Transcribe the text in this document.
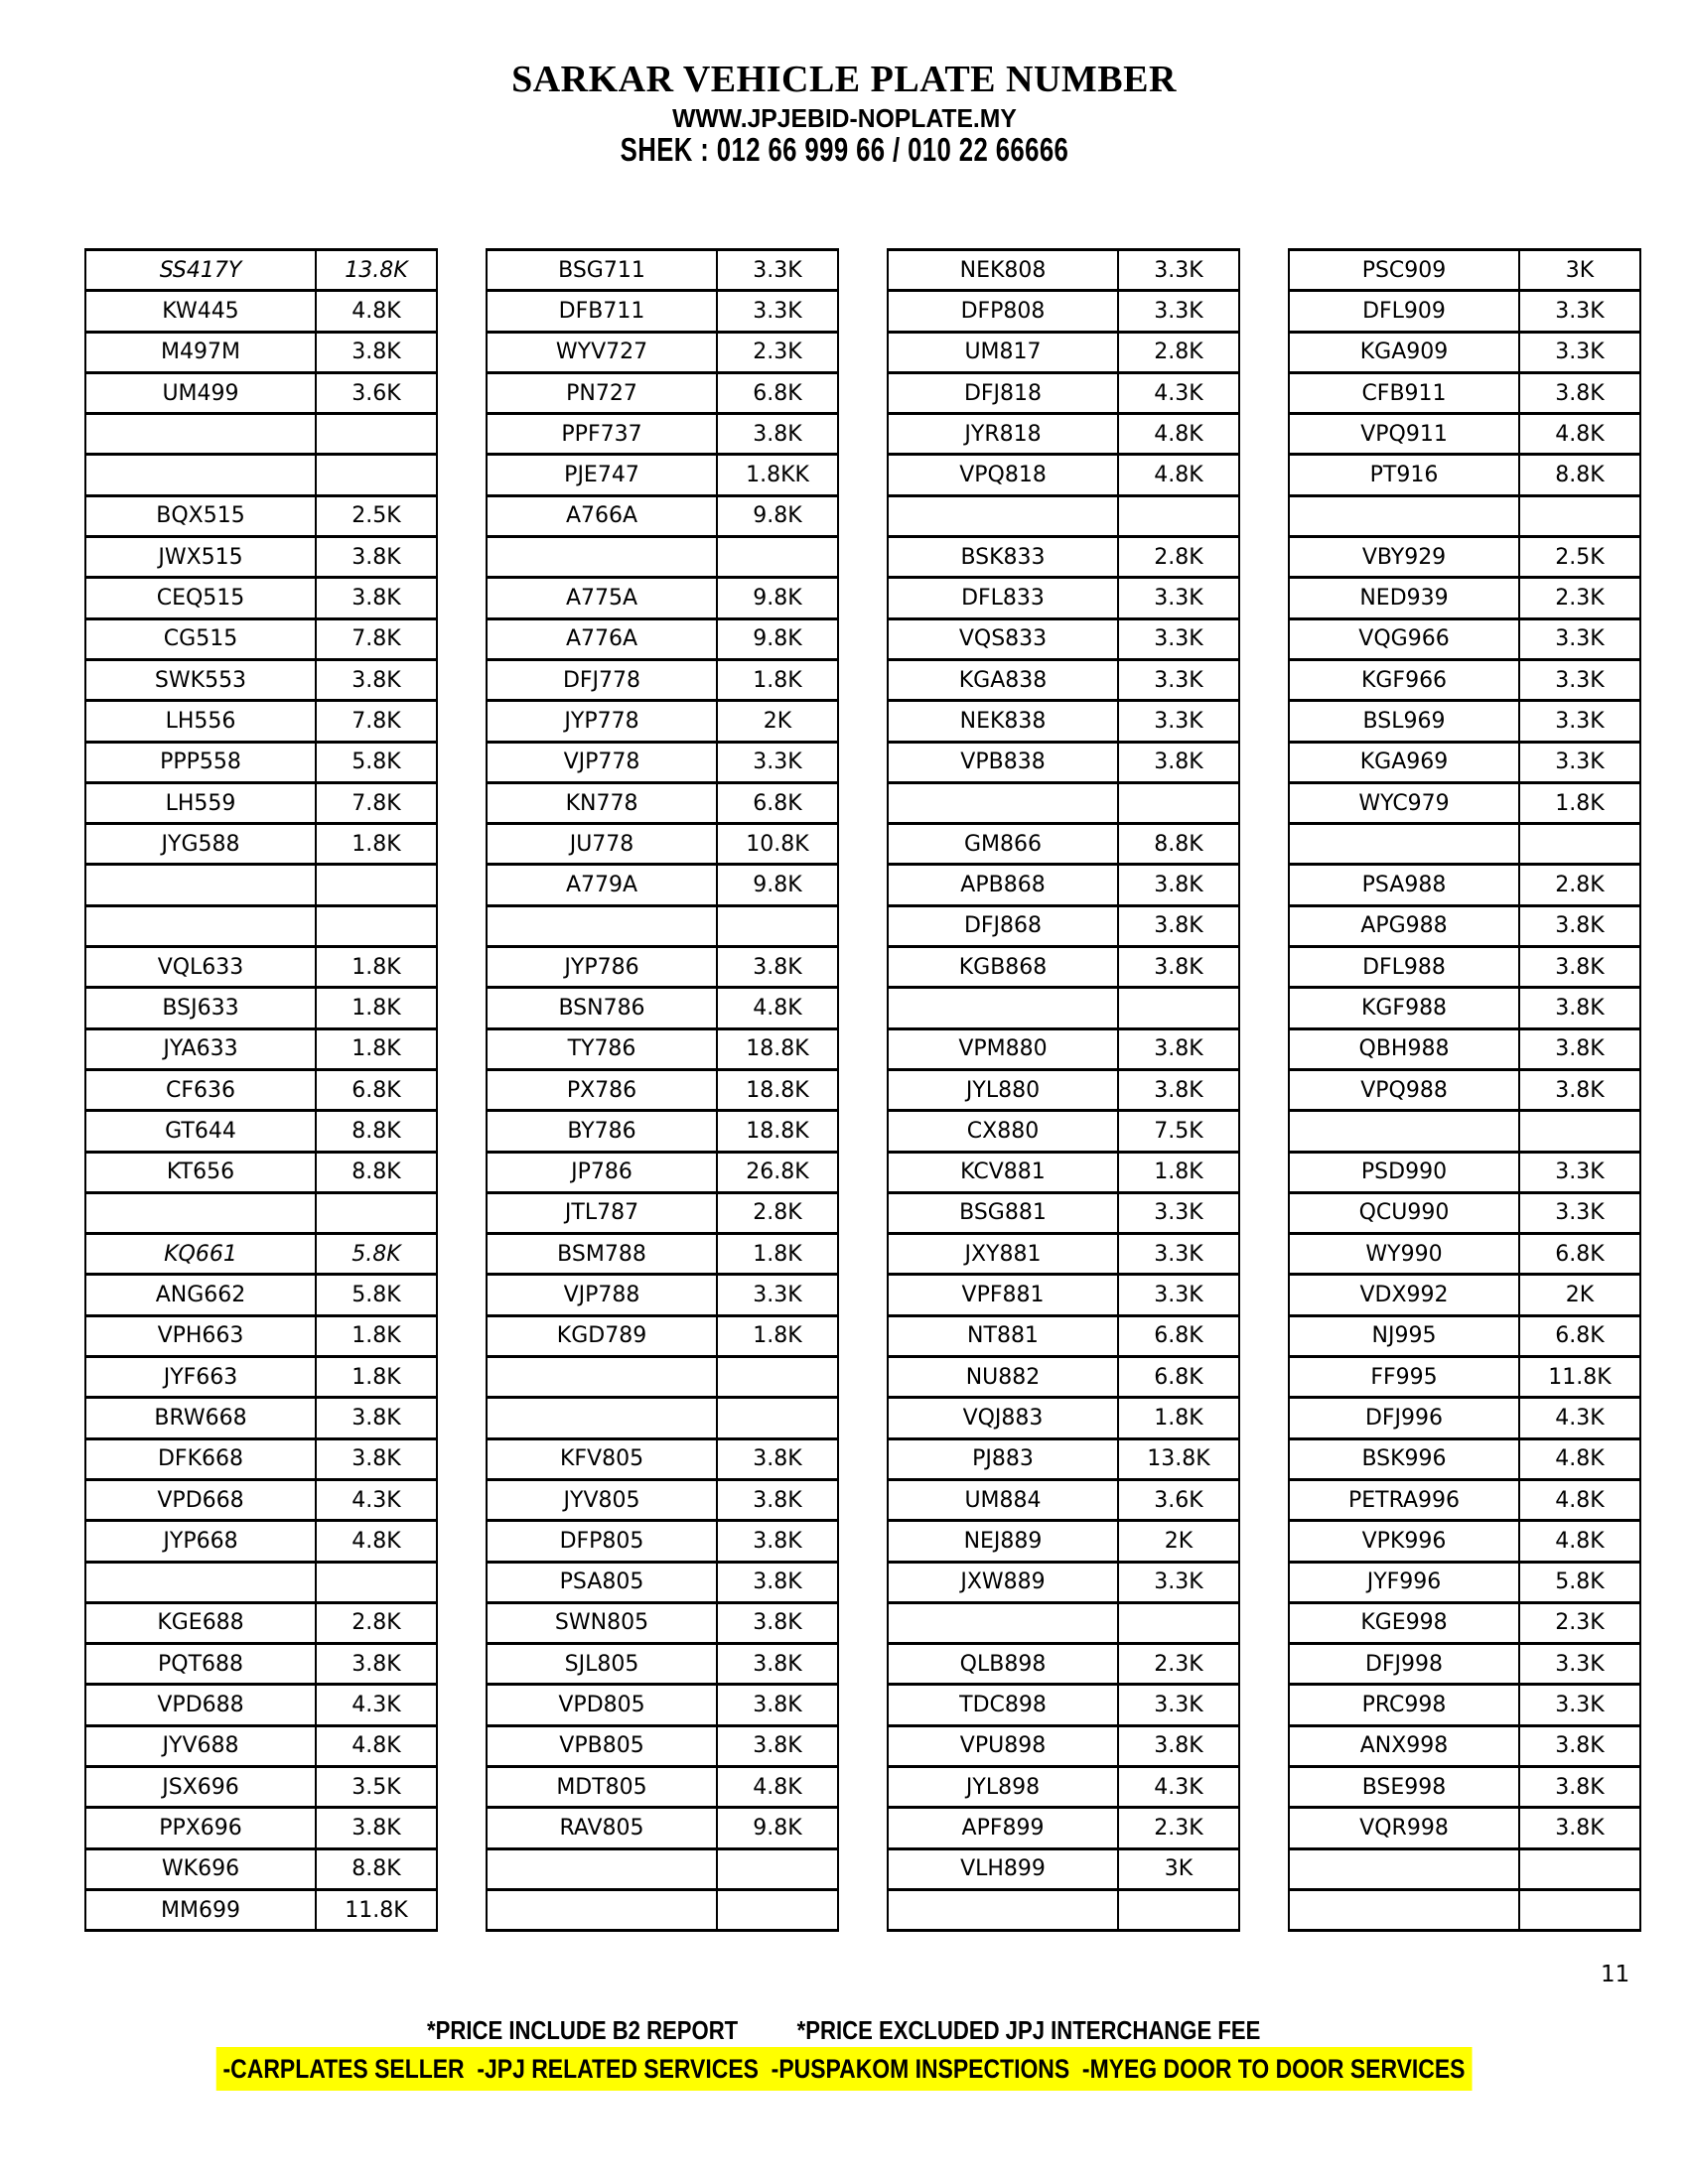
SARKAR VEHICLE PLATE NUMBER
WWW.JPJEBID-NOPLATE.MY
SHEK : 012 66 999 66 / 010 22 66666
SS417Y	13.8K
KW445	4.8K
M497M	3.8K
UM499	3.6K

BQX515	2.5K
JWX515	3.8K
CEQ515	3.8K
CG515	7.8K
SWK553	3.8K
LH556	7.8K
PPP558	5.8K
LH559	7.8K
JYG588	1.8K

VQL633	1.8K
BSJ633	1.8K
JYA633	1.8K
CF636	6.8K
GT644	8.8K
KT656	8.8K

KQ661	5.8K
ANG662	5.8K
VPH663	1.8K
JYF663	1.8K
BRW668	3.8K
DFK668	3.8K
VPD668	4.3K
JYP668	4.8K

KGE688	2.8K
PQT688	3.8K
VPD688	4.3K
JYV688	4.8K
JSX696	3.5K
PPX696	3.8K
WK696	8.8K
MM699	11.8K
BSG711	3.3K
DFB711	3.3K
WYV727	2.3K
PN727	6.8K
PPF737	3.8K
PJE747	1.8KK
A766A	9.8K

A775A	9.8K
A776A	9.8K
DFJ778	1.8K
JYP778	2K
VJP778	3.3K
KN778	6.8K
JU778	10.8K
A779A	9.8K

JYP786	3.8K
BSN786	4.8K
TY786	18.8K
PX786	18.8K
BY786	18.8K
JP786	26.8K
JTL787	2.8K
BSM788	1.8K
VJP788	3.3K
KGD789	1.8K

KFV805	3.8K
JYV805	3.8K
DFP805	3.8K
PSA805	3.8K
SWN805	3.8K
SJL805	3.8K
VPD805	3.8K
VPB805	3.8K
MDT805	4.8K
RAV805	9.8K

NEK808	3.3K
DFP808	3.3K
UM817	2.8K
DFJ818	4.3K
JYR818	4.8K
VPQ818	4.8K

BSK833	2.8K
DFL833	3.3K
VQS833	3.3K
KGA838	3.3K
NEK838	3.3K
VPB838	3.8K

GM866	8.8K
APB868	3.8K
DFJ868	3.8K
KGB868	3.8K

VPM880	3.8K
JYL880	3.8K
CX880	7.5K
KCV881	1.8K
BSG881	3.3K
JXY881	3.3K
VPF881	3.3K
NT881	6.8K
NU882	6.8K
VQJ883	1.8K
PJ883	13.8K
UM884	3.6K
NEJ889	2K
JXW889	3.3K

QLB898	2.3K
TDC898	3.3K
VPU898	3.8K
JYL898	4.3K
APF899	2.3K
VLH899	3K

PSC909	3K
DFL909	3.3K
KGA909	3.3K
CFB911	3.8K
VPQ911	4.8K
PT916	8.8K

VBY929	2.5K
NED939	2.3K
VQG966	3.3K
KGF966	3.3K
BSL969	3.3K
KGA969	3.3K
WYC979	1.8K

PSA988	2.8K
APG988	3.8K
DFL988	3.8K
KGF988	3.8K
QBH988	3.8K
VPQ988	3.8K

PSD990	3.3K
QCU990	3.3K
WY990	6.8K
VDX992	2K
NJ995	6.8K
FF995	11.8K
DFJ996	4.3K
BSK996	4.8K
PETRA996	4.8K
VPK996	4.8K
JYF996	5.8K
KGE998	2.3K
DFJ998	3.3K
PRC998	3.3K
ANX998	3.8K
BSE998	3.8K
VQR998	3.8K

11
*PRICE INCLUDE B2 REPORT *PRICE EXCLUDED JPJ INTERCHANGE FEE
-CARPLATES SELLER  -JPJ RELATED SERVICES  -PUSPAKOM INSPECTIONS  -MYEG DOOR TO DOOR SERVICES
